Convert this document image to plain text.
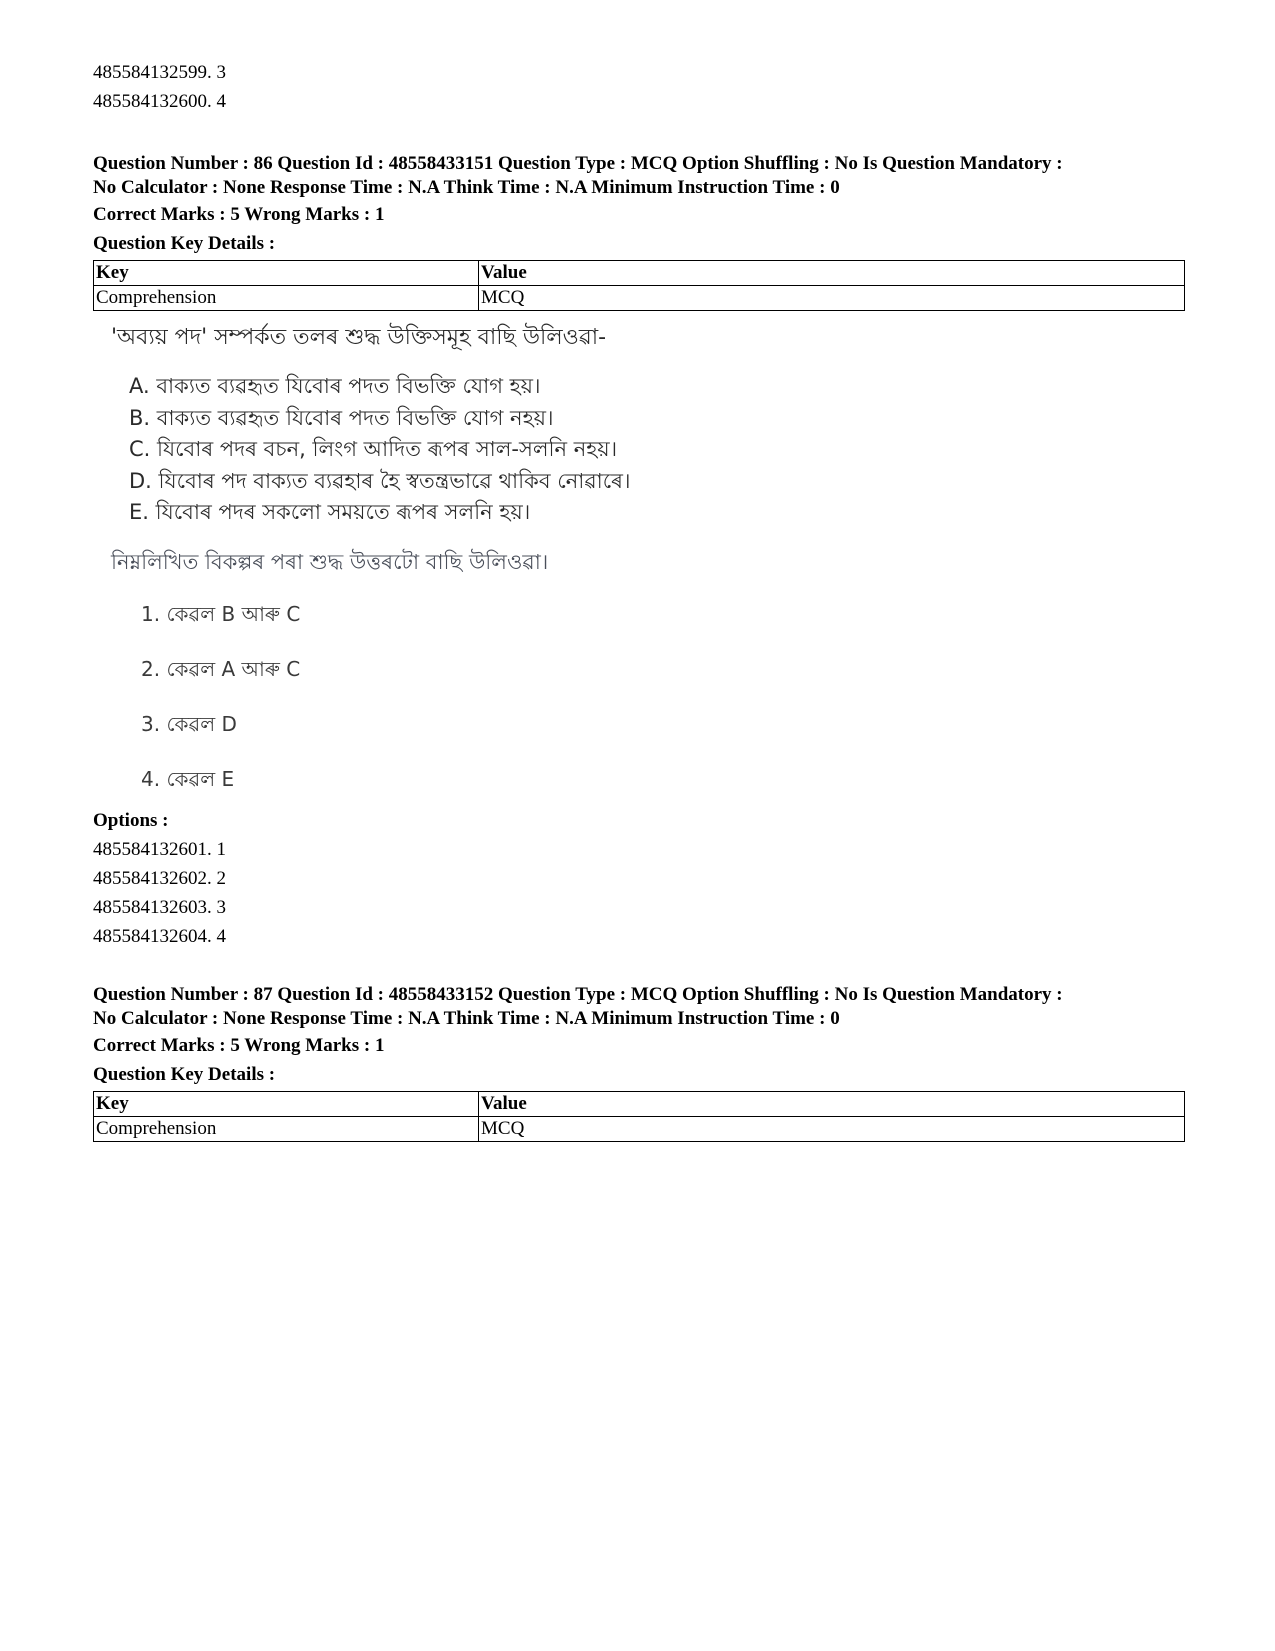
485584132599. 3
485584132600. 4
Question Number : 86 Question Id : 48558433151 Question Type : MCQ Option Shuffling : No Is Question Mandatory :
No Calculator : None Response Time : N.A Think Time : N.A Minimum Instruction Time : 0
Correct Marks : 5 Wrong Marks : 1
Question Key Details :
Key	Value
Comprehension	MCQ
'অব্যয় পদ' সম্পৰ্কত তলৰ শুদ্ধ উক্তিসমূহ বাছি উলিওৱা-
A. বাক্যত ব্যৱহৃত যিবোৰ পদত বিভক্তি যোগ হয়।
B. বাক্যত ব্যৱহৃত যিবোৰ পদত বিভক্তি যোগ নহয়।
C. যিবোৰ পদৰ বচন, লিংগ আদিত ৰূপৰ সাল-সলনি নহয়।
D. যিবোৰ পদ বাক্যত ব্যৱহাৰ হৈ স্বতন্ত্ৰভাৱে থাকিব নোৱাৰে।
E. যিবোৰ পদৰ সকলো সময়তে ৰূপৰ সলনি হয়।
নিম্নলিখিত বিকল্পৰ পৰা শুদ্ধ উত্তৰটো বাছি উলিওৱা।
1. কেৱল B আৰু C
2. কেৱল A আৰু C
3. কেৱল D
4. কেৱল E
Options :
485584132601. 1
485584132602. 2
485584132603. 3
485584132604. 4
Question Number : 87 Question Id : 48558433152 Question Type : MCQ Option Shuffling : No Is Question Mandatory :
No Calculator : None Response Time : N.A Think Time : N.A Minimum Instruction Time : 0
Correct Marks : 5 Wrong Marks : 1
Question Key Details :
Key	Value
Comprehension	MCQ
